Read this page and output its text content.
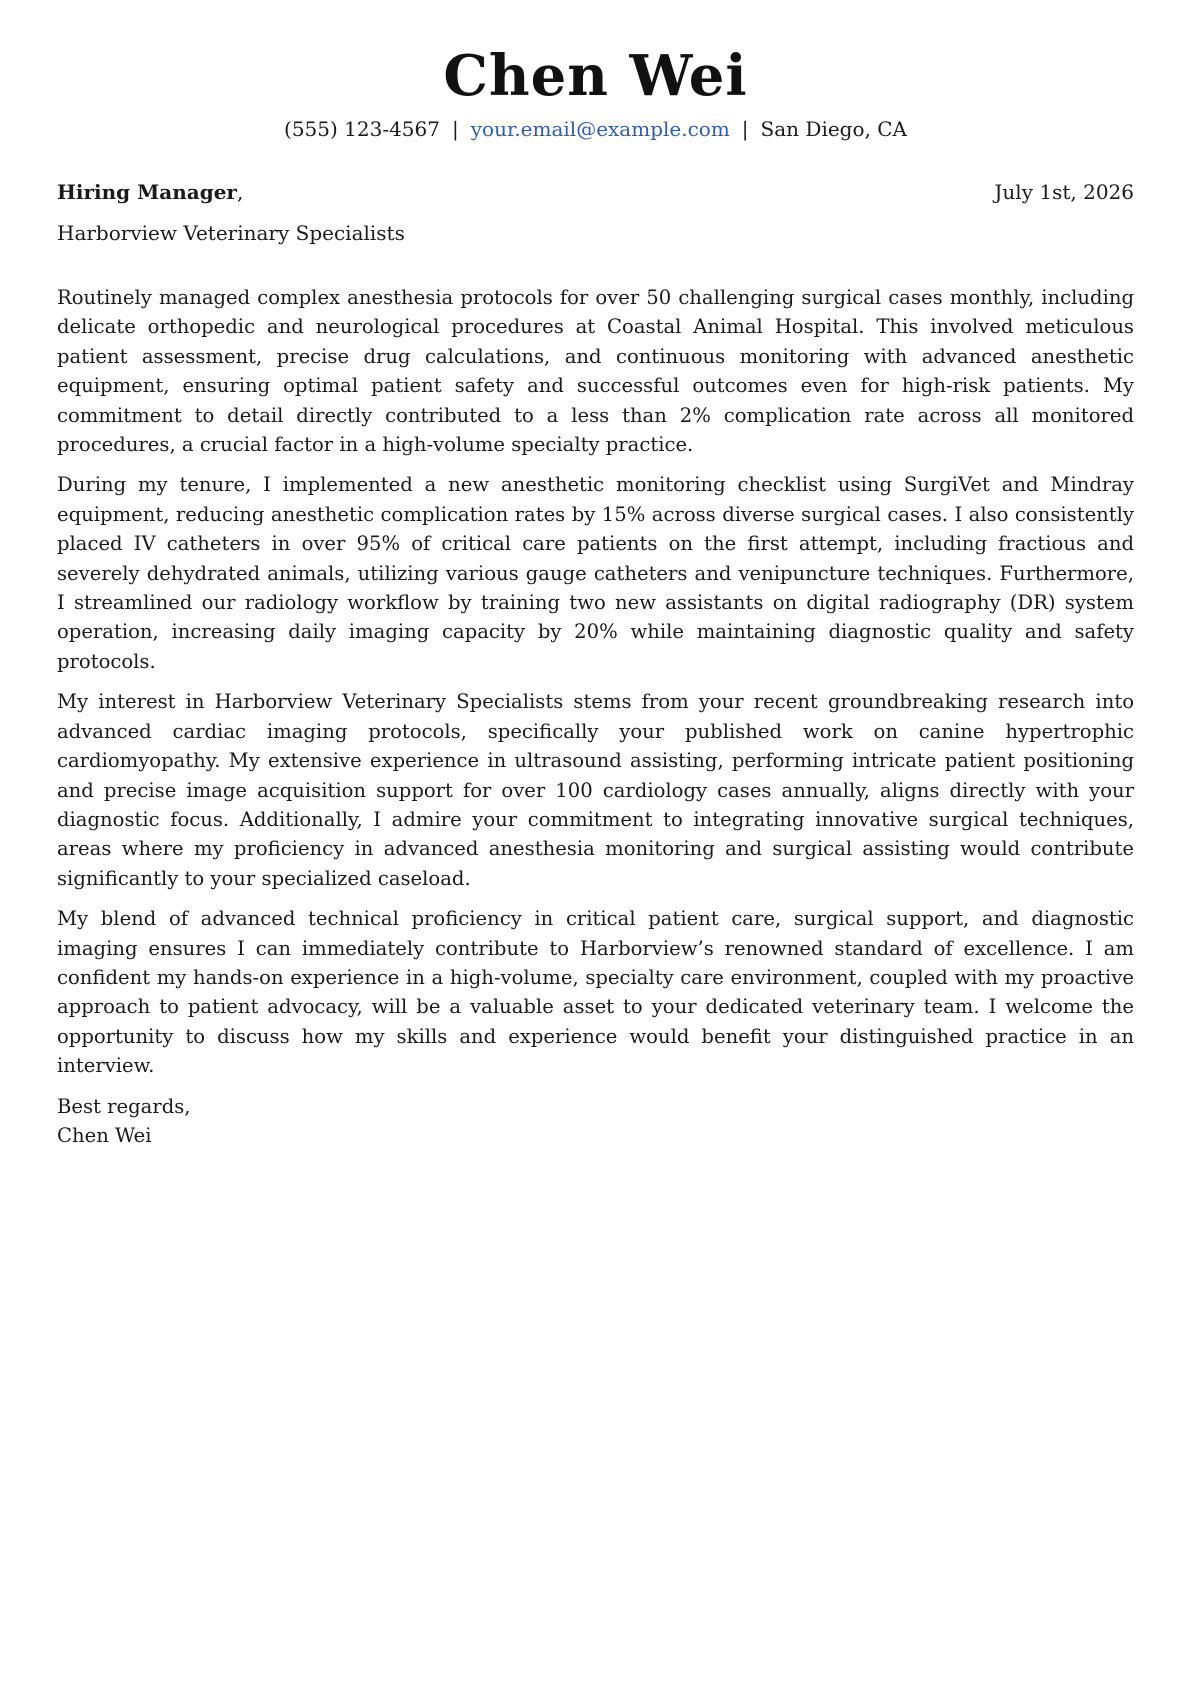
Chen Wei
(555) 123-4567 | your.email@example.com | San Diego, CA
Hiring Manager,	July 1st, 2026
Harborview Veterinary Specialists

Routinely managed complex anesthesia protocols for over 50 challenging surgical cases monthly, including delicate orthopedic and neurological procedures at Coastal Animal Hospital. This involved meticulous patient assessment, precise drug calculations, and continuous monitoring with advanced anesthetic equipment, ensuring optimal patient safety and successful outcomes even for high-risk patients. My commitment to detail directly contributed to a less than 2% complication rate across all monitored procedures, a crucial factor in a high-volume specialty practice.

During my tenure, I implemented a new anesthetic monitoring checklist using SurgiVet and Mindray equipment, reducing anesthetic complication rates by 15% across diverse surgical cases. I also consistently placed IV catheters in over 95% of critical care patients on the first attempt, including fractious and severely dehydrated animals, utilizing various gauge catheters and venipuncture techniques. Furthermore, I streamlined our radiology workflow by training two new assistants on digital radiography (DR) system operation, increasing daily imaging capacity by 20% while maintaining diagnostic quality and safety protocols.

My interest in Harborview Veterinary Specialists stems from your recent groundbreaking research into advanced cardiac imaging protocols, specifically your published work on canine hypertrophic cardiomyopathy. My extensive experience in ultrasound assisting, performing intricate patient positioning and precise image acquisition support for over 100 cardiology cases annually, aligns directly with your diagnostic focus. Additionally, I admire your commitment to integrating innovative surgical techniques, areas where my proficiency in advanced anesthesia monitoring and surgical assisting would contribute significantly to your specialized caseload.

My blend of advanced technical proficiency in critical patient care, surgical support, and diagnostic imaging ensures I can immediately contribute to Harborview’s renowned standard of excellence. I am confident my hands-on experience in a high-volume, specialty care environment, coupled with my proactive approach to patient advocacy, will be a valuable asset to your dedicated veterinary team. I welcome the opportunity to discuss how my skills and experience would benefit your distinguished practice in an interview.

Best regards,
Chen Wei
